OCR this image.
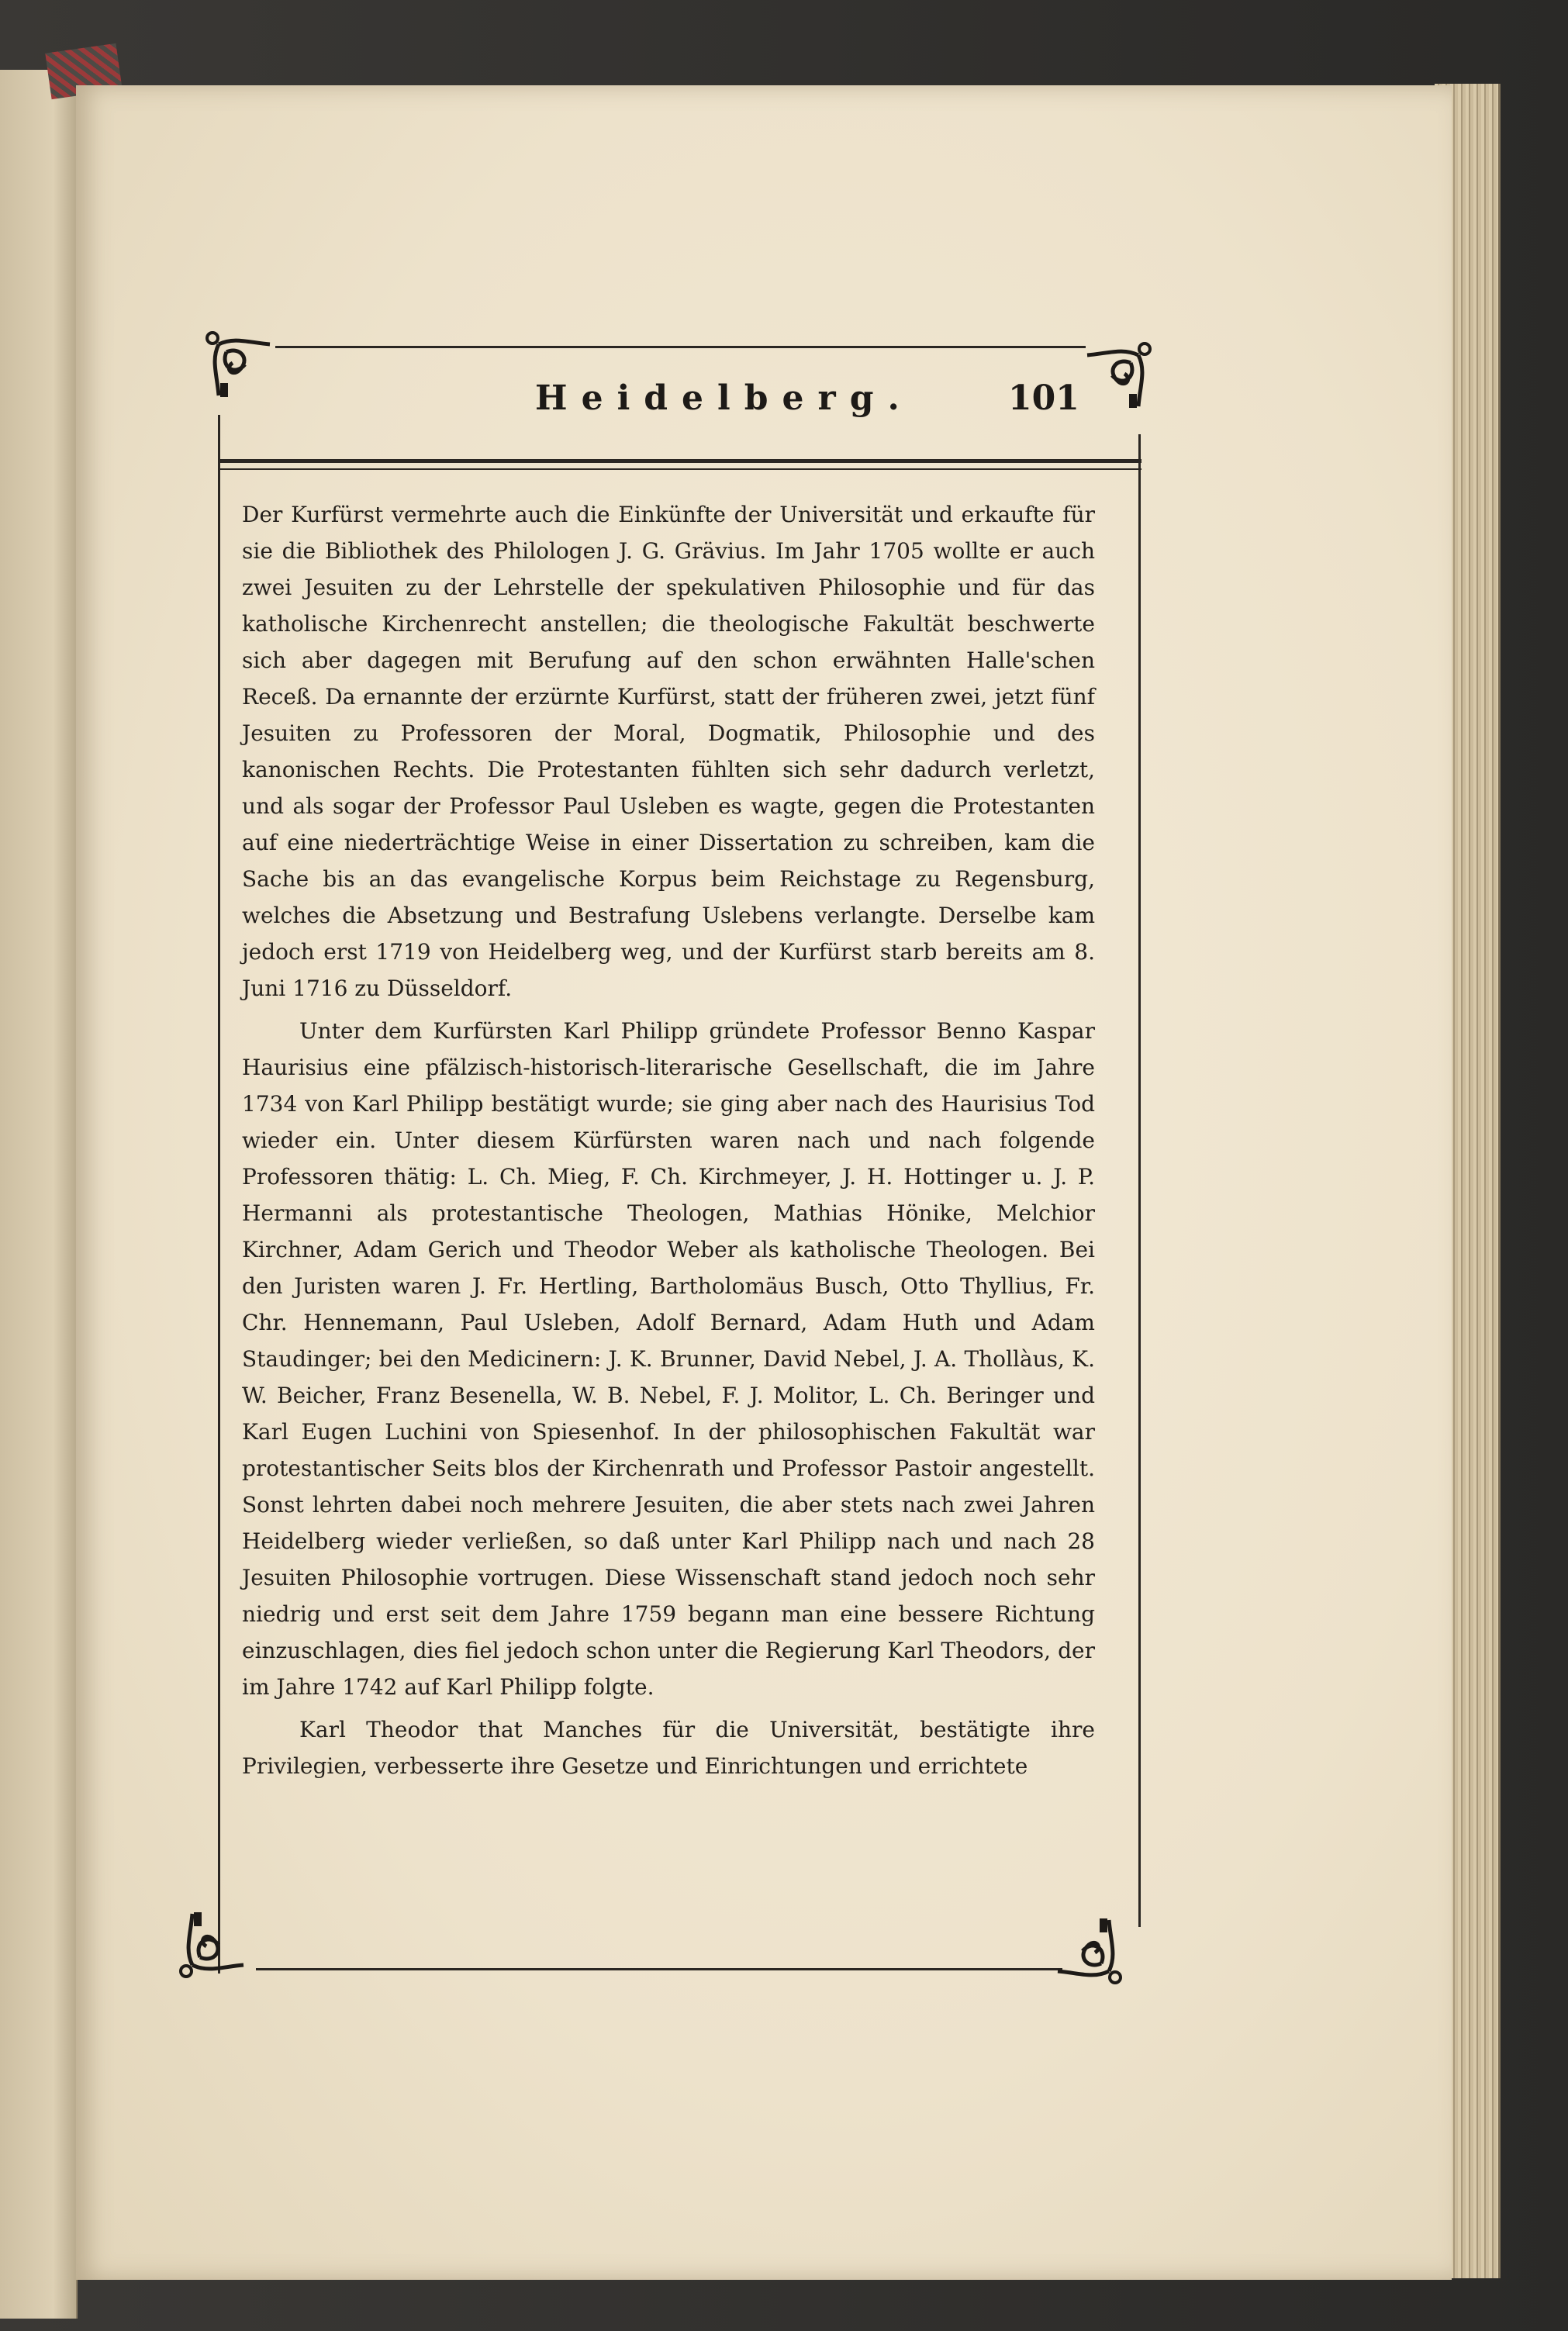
Heidelberg.	101

Der Kurfürst vermehrte auch die Einkünfte der Universität und erkaufte für sie die Bibliothek des Philologen J. G. Grävius. Im Jahr 1705 wollte er auch zwei Jesuiten zu der Lehrstelle der spekulativen Philosophie und für das katholische Kirchenrecht anstellen; die theologische Fakultät beschwerte sich aber dagegen mit Berufung auf den schon erwähnten Halle'schen Receß. Da ernannte der erzürnte Kurfürst, statt der früheren zwei, jetzt fünf Jesuiten zu Professoren der Moral, Dogmatik, Philosophie und des kanonischen Rechts. Die Protestanten fühlten sich sehr dadurch verletzt, und als sogar der Professor Paul Usleben es wagte, gegen die Protestanten auf eine niederträchtige Weise in einer Dissertation zu schreiben, kam die Sache bis an das evangelische Korpus beim Reichstage zu Regensburg, welches die Absetzung und Bestrafung Uslebens verlangte. Derselbe kam jedoch erst 1719 von Heidelberg weg, und der Kurfürst starb bereits am 8. Juni 1716 zu Düsseldorf.

Unter dem Kurfürsten Karl Philipp gründete Professor Benno Kaspar Haurisius eine pfälzisch-historisch-literarische Gesellschaft, die im Jahre 1734 von Karl Philipp bestätigt wurde; sie ging aber nach des Haurisius Tod wieder ein. Unter diesem Kürfürsten waren nach und nach folgende Professoren thätig: L. Ch. Mieg, F. Ch. Kirchmeyer, J. H. Hottinger u. J. P. Hermanni als protestantische Theologen, Mathias Hönike, Melchior Kirchner, Adam Gerich und Theodor Weber als katholische Theologen. Bei den Juristen waren J. Fr. Hertling, Bartholomäus Busch, Otto Thyllius, Fr. Chr. Hennemann, Paul Usleben, Adolf Bernard, Adam Huth und Adam Staudinger; bei den Medicinern: J. K. Brunner, David Nebel, J. A. Thollàus, K. W. Beicher, Franz Besenella, W. B. Nebel, F. J. Molitor, L. Ch. Beringer und Karl Eugen Luchini von Spiesenhof. In der philosophischen Fakultät war protestantischer Seits blos der Kirchenrath und Professor Pastoir angestellt. Sonst lehrten dabei noch mehrere Jesuiten, die aber stets nach zwei Jahren Heidelberg wieder verließen, so daß unter Karl Philipp nach und nach 28 Jesuiten Philosophie vortrugen. Diese Wissenschaft stand jedoch noch sehr niedrig und erst seit dem Jahre 1759 begann man eine bessere Richtung einzuschlagen, dies fiel jedoch schon unter die Regierung Karl Theodors, der im Jahre 1742 auf Karl Philipp folgte.

Karl Theodor that Manches für die Universität, bestätigte ihre Privilegien, verbesserte ihre Gesetze und Einrichtungen und errichtete
